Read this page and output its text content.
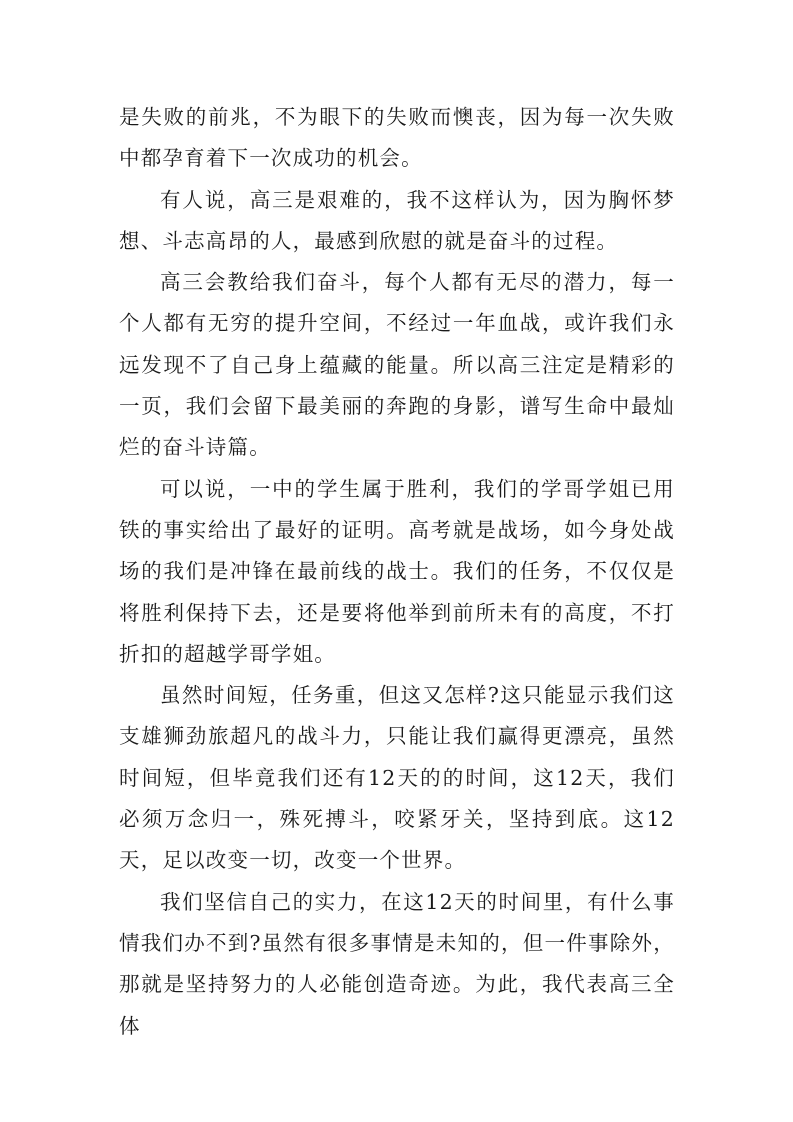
是失败的前兆，不为眼下的失败而懊丧，因为每一次失败中都孕育着下一次成功的机会。

有人说，高三是艰难的，我不这样认为，因为胸怀梦想、斗志高昂的人，最感到欣慰的就是奋斗的过程。

高三会教给我们奋斗，每个人都有无尽的潜力，每一个人都有无穷的提升空间，不经过一年血战，或许我们永远发现不了自己身上蕴藏的能量。所以高三注定是精彩的一页，我们会留下最美丽的奔跑的身影，谱写生命中最灿烂的奋斗诗篇。

可以说，一中的学生属于胜利，我们的学哥学姐已用铁的事实给出了最好的证明。高考就是战场，如今身处战场的我们是冲锋在最前线的战士。我们的任务，不仅仅是将胜利保持下去，还是要将他举到前所未有的高度，不打折扣的超越学哥学姐。

虽然时间短，任务重，但这又怎样?这只能显示我们这支雄狮劲旅超凡的战斗力，只能让我们赢得更漂亮，虽然时间短，但毕竟我们还有12天的的时间，这12天，我们必须万念归一，殊死搏斗，咬紧牙关，坚持到底。这12天，足以改变一切，改变一个世界。

我们坚信自己的实力，在这12天的时间里，有什么事情我们办不到?虽然有很多事情是未知的，但一件事除外，那就是坚持努力的人必能创造奇迹。为此，我代表高三全体
